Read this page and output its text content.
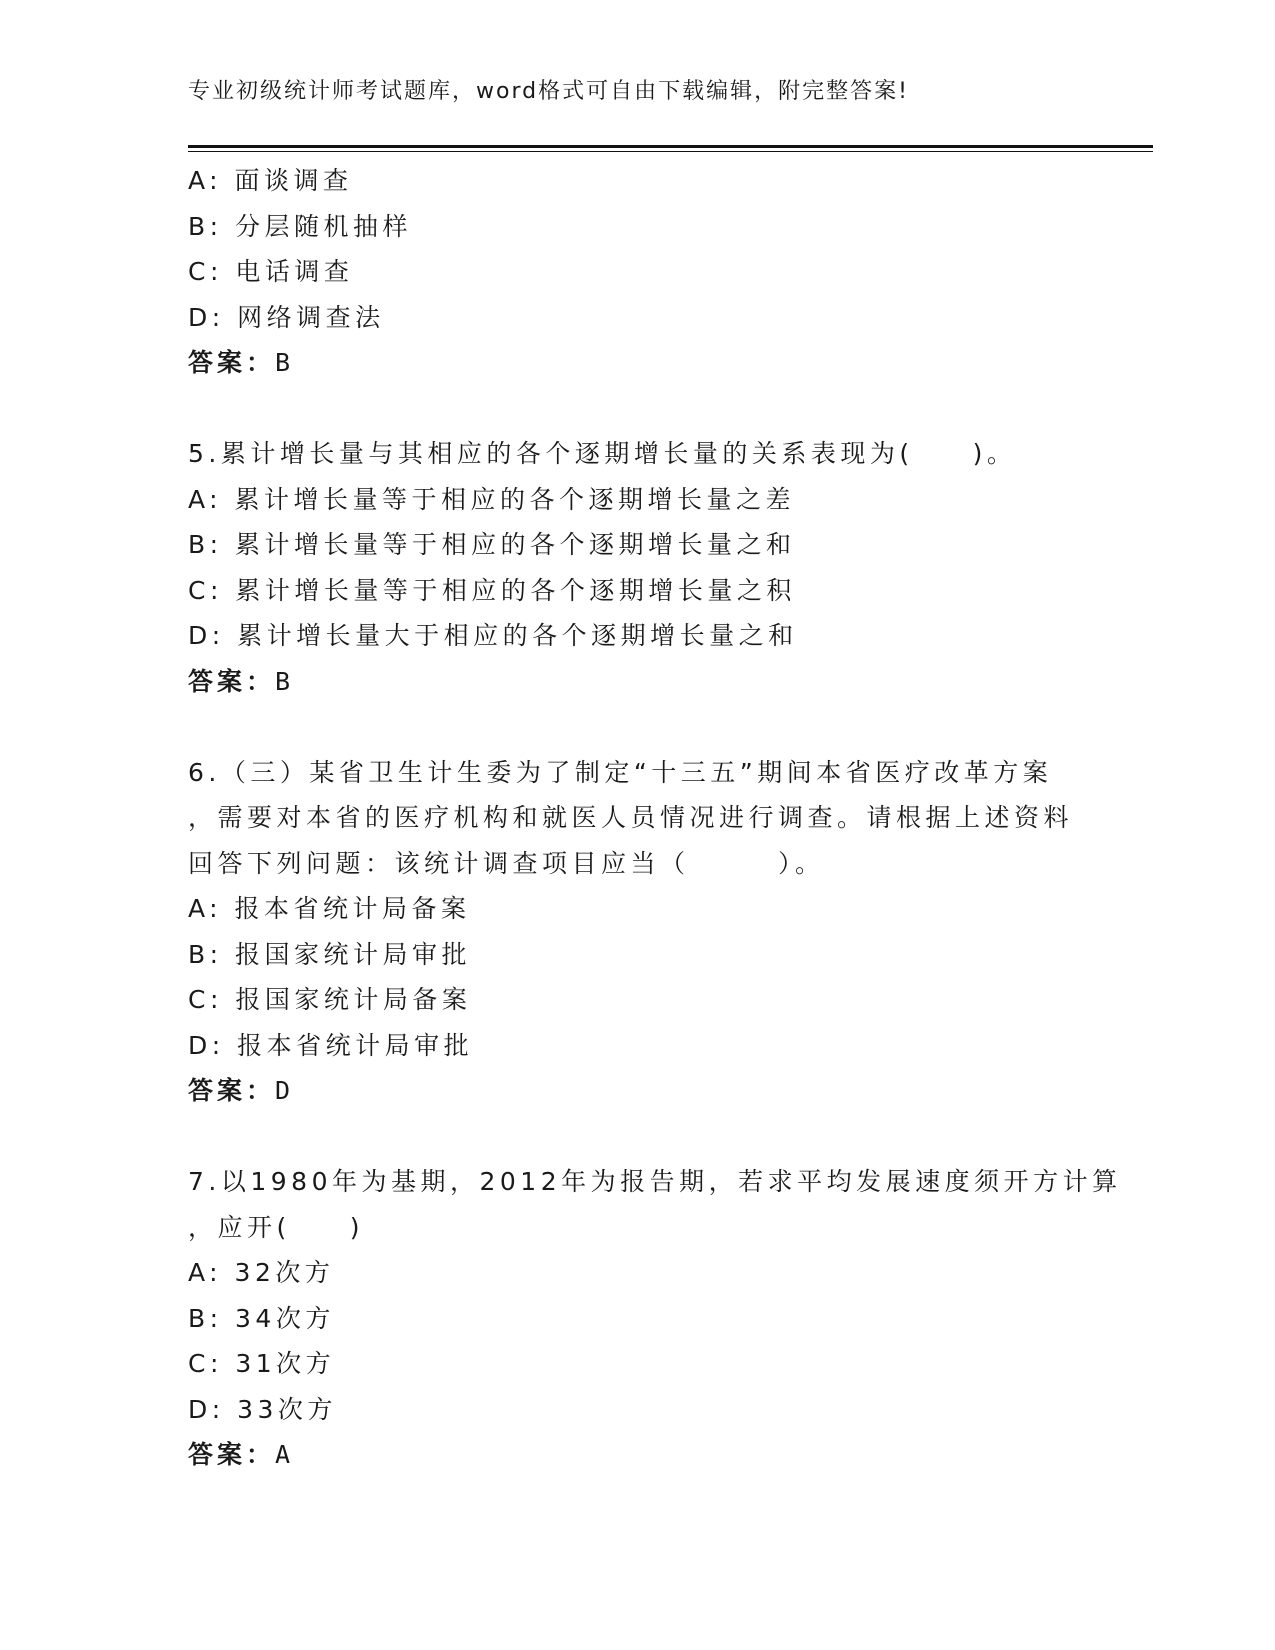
专业初级统计师考试题库，word格式可自由下载编辑，附完整答案!
A: 面谈调查
B: 分层随机抽样
C: 电话调查
D: 网络调查法
答案：B
5.累计增长量与其相应的各个逐期增长量的关系表现为(　　)。
A: 累计增长量等于相应的各个逐期增长量之差
B: 累计增长量等于相应的各个逐期增长量之和
C: 累计增长量等于相应的各个逐期增长量之积
D: 累计增长量大于相应的各个逐期增长量之和
答案：B
6.（三）某省卫生计生委为了制定“十三五”期间本省医疗改革方案
，需要对本省的医疗机构和就医人员情况进行调查。请根据上述资料
回答下列问题：该统计调查项目应当（　　　）。
A: 报本省统计局备案
B: 报国家统计局审批
C: 报国家统计局备案
D: 报本省统计局审批
答案：D
7.以1980年为基期，2012年为报告期，若求平均发展速度须开方计算
，应开(　　)
A: 32次方
B: 34次方
C: 31次方
D: 33次方
答案：A
